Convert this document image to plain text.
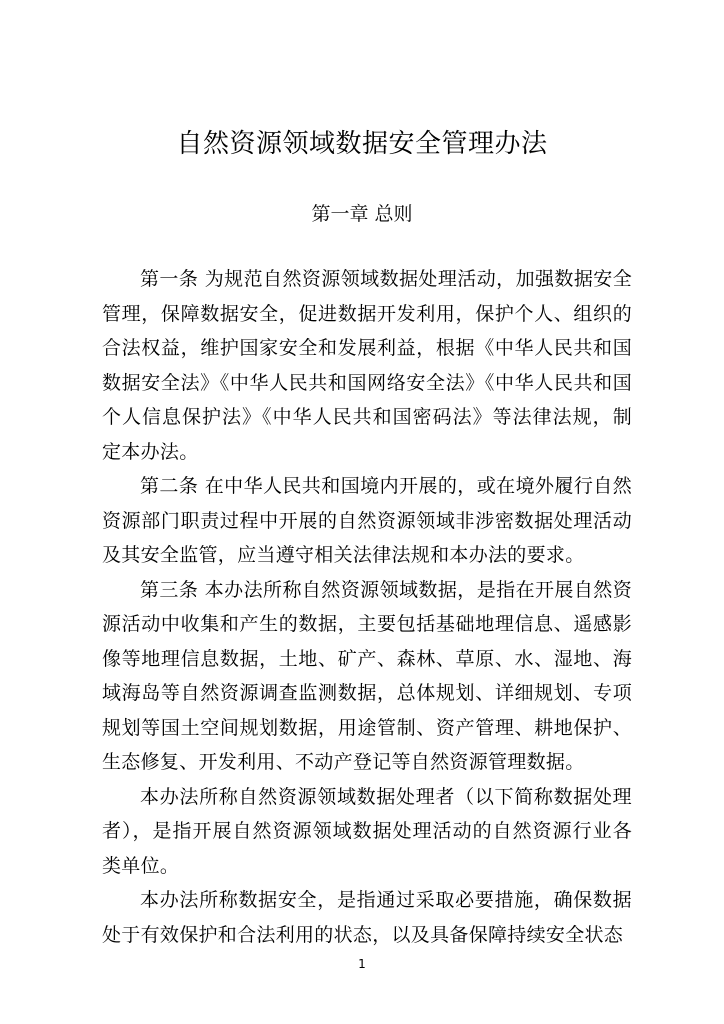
自然资源领域数据安全管理办法
第一章 总则

第一条 为规范自然资源领域数据处理活动，加强数据安全管理，保障数据安全，促进数据开发利用，保护个人、组织的合法权益，维护国家安全和发展利益，根据《中华人民共和国数据安全法》《中华人民共和国网络安全法》《中华人民共和国个人信息保护法》《中华人民共和国密码法》等法律法规，制定本办法。

第二条 在中华人民共和国境内开展的，或在境外履行自然资源部门职责过程中开展的自然资源领域非涉密数据处理活动及其安全监管，应当遵守相关法律法规和本办法的要求。

第三条 本办法所称自然资源领域数据，是指在开展自然资源活动中收集和产生的数据，主要包括基础地理信息、遥感影像等地理信息数据，土地、矿产、森林、草原、水、湿地、海域海岛等自然资源调查监测数据，总体规划、详细规划、专项规划等国土空间规划数据，用途管制、资产管理、耕地保护、生态修复、开发利用、不动产登记等自然资源管理数据。

本办法所称自然资源领域数据处理者（以下简称数据处理者），是指开展自然资源领域数据处理活动的自然资源行业各类单位。

本办法所称数据安全，是指通过采取必要措施，确保数据处于有效保护和合法利用的状态，以及具备保障持续安全状态

1
